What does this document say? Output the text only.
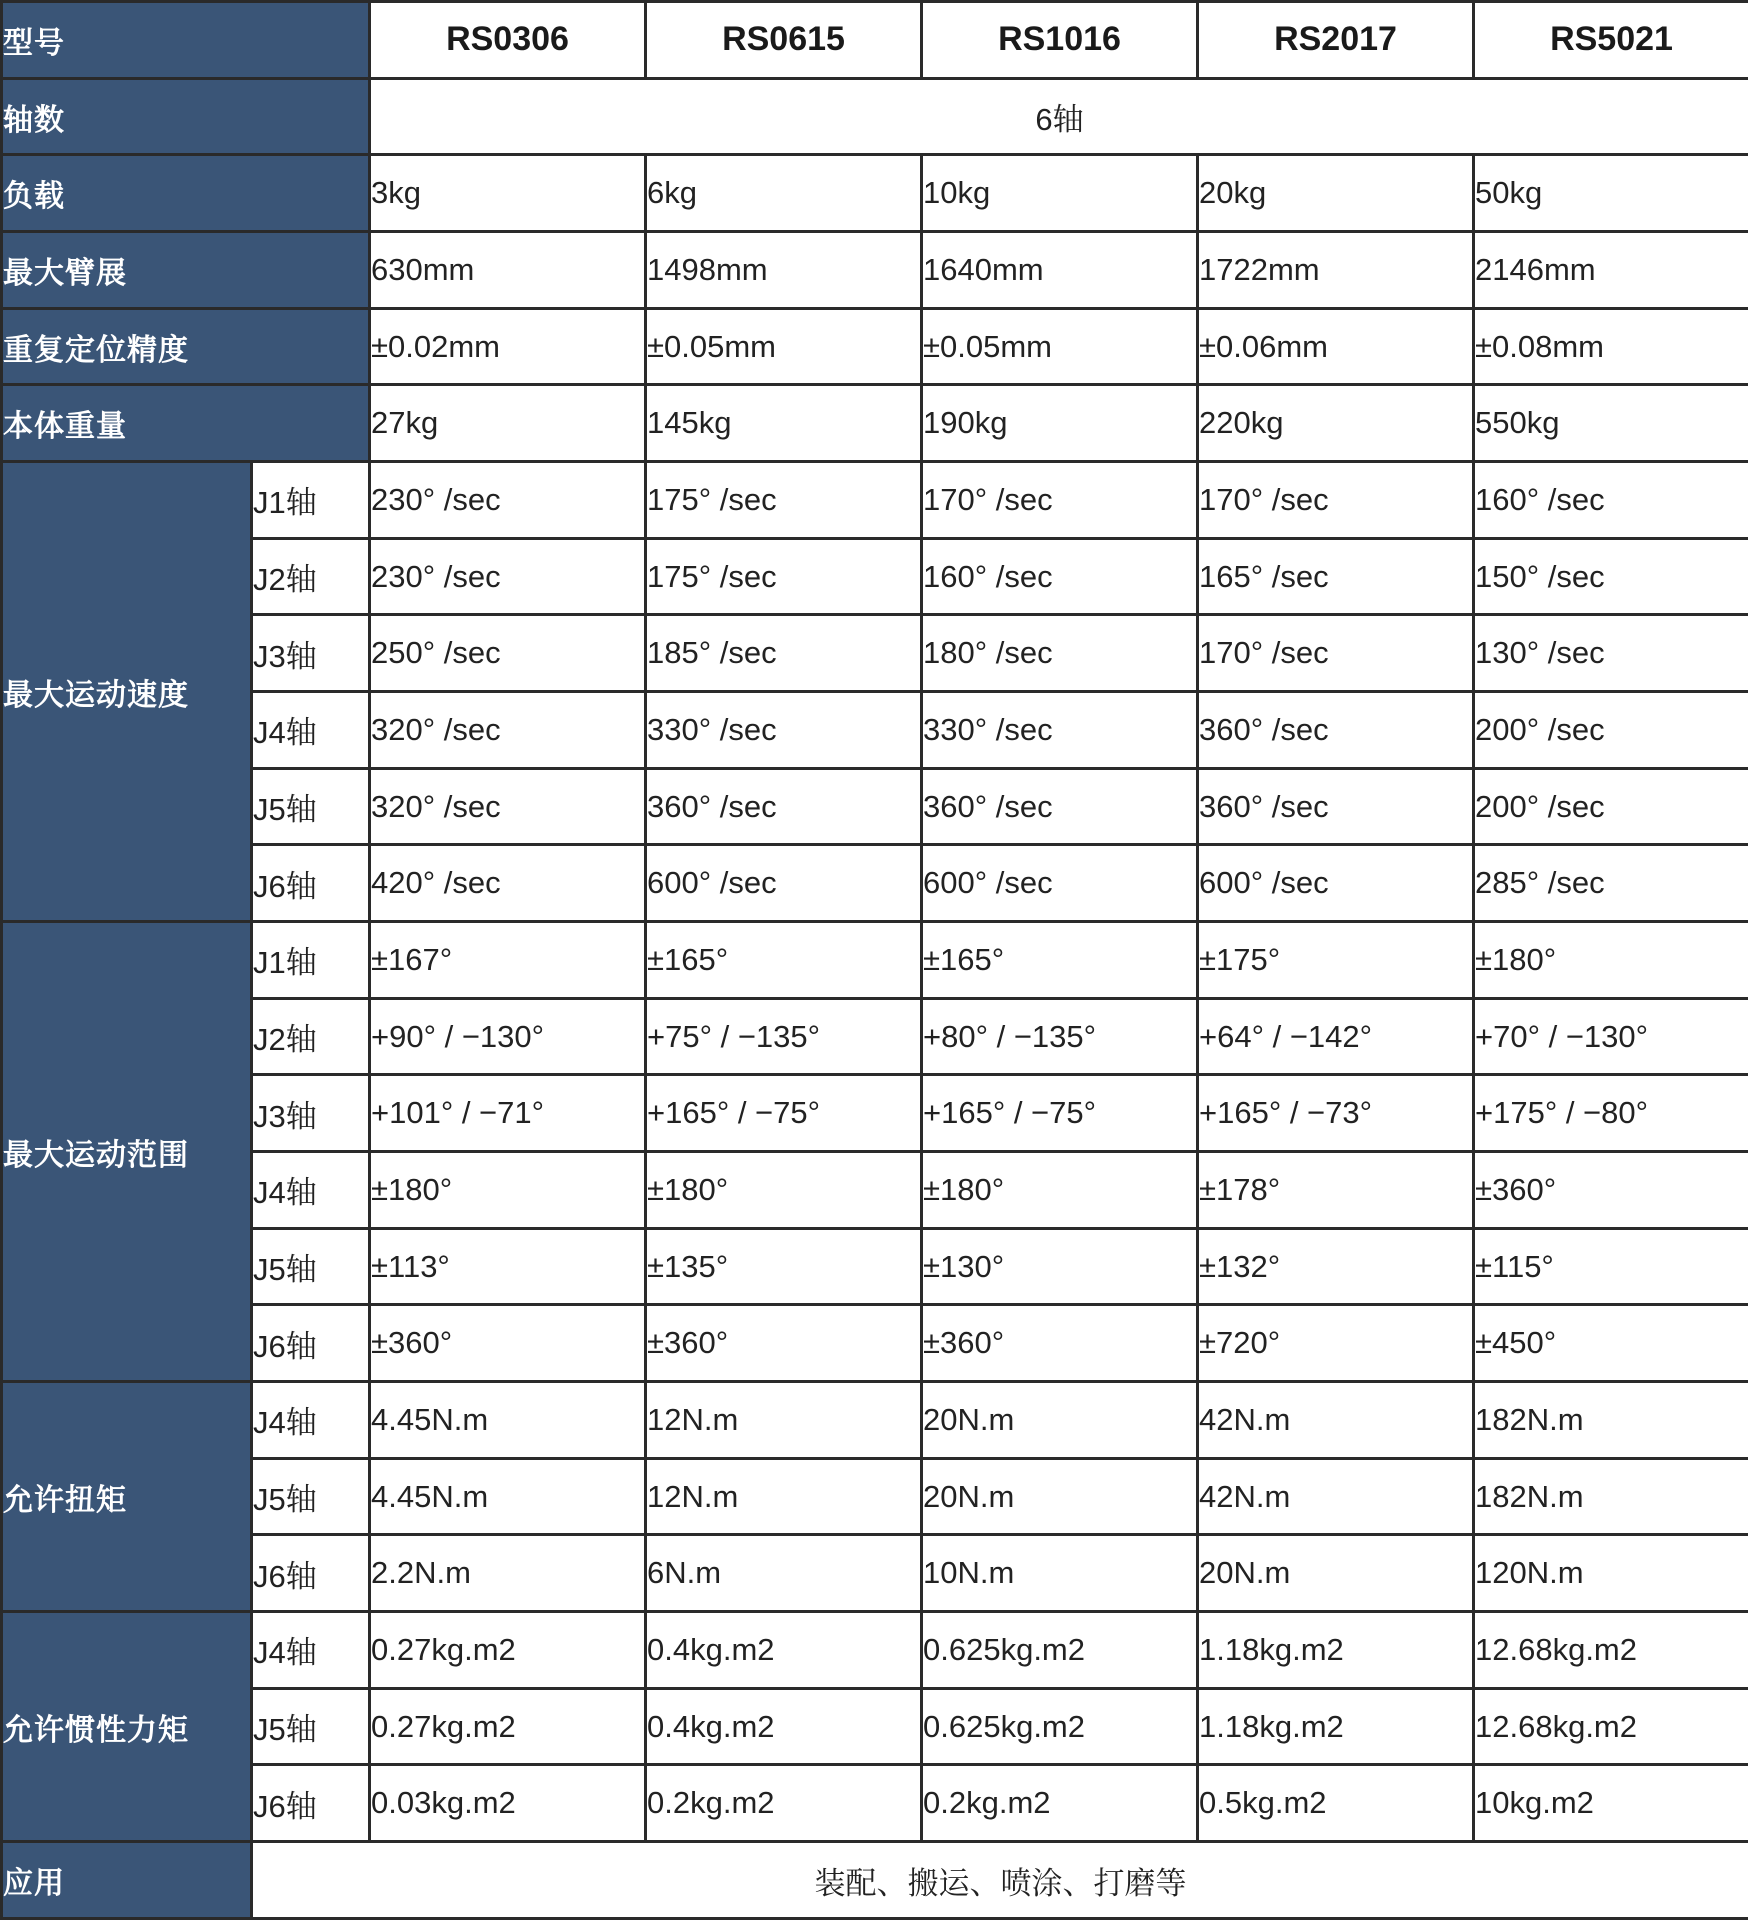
型号		RS0306	RS0615	RS1016	RS2017	RS5021
轴数		6轴				
负载		3kg	6kg	10kg	20kg	50kg
最大臂展		630mm	1498mm	1640mm	1722mm	2146mm
重复定位精度		±0.02mm	±0.05mm	±0.05mm	±0.06mm	±0.08mm
本体重量		27kg	145kg	190kg	220kg	550kg
最大运动速度	J1轴	230° /sec	175° /sec	170° /sec	170° /sec	160° /sec
	J2轴	230° /sec	175° /sec	160° /sec	165° /sec	150° /sec
	J3轴	250° /sec	185° /sec	180° /sec	170° /sec	130° /sec
	J4轴	320° /sec	330° /sec	330° /sec	360° /sec	200° /sec
	J5轴	320° /sec	360° /sec	360° /sec	360° /sec	200° /sec
	J6轴	420° /sec	600° /sec	600° /sec	600° /sec	285° /sec
最大运动范围	J1轴	±167°	±165°	±165°	±175°	±180°
	J2轴	+90° / −130°	+75° / −135°	+80° / −135°	+64° / −142°	+70° / −130°
	J3轴	+101° / −71°	+165° / −75°	+165° / −75°	+165° / −73°	+175° / −80°
	J4轴	±180°	±180°	±180°	±178°	±360°
	J5轴	±113°	±135°	±130°	±132°	±115°
	J6轴	±360°	±360°	±360°	±720°	±450°
允许扭矩	J4轴	4.45N.m	12N.m	20N.m	42N.m	182N.m
	J5轴	4.45N.m	12N.m	20N.m	42N.m	182N.m
	J6轴	2.2N.m	6N.m	10N.m	20N.m	120N.m
允许惯性力矩	J4轴	0.27kg.m2	0.4kg.m2	0.625kg.m2	1.18kg.m2	12.68kg.m2
	J5轴	0.27kg.m2	0.4kg.m2	0.625kg.m2	1.18kg.m2	12.68kg.m2
	J6轴	0.03kg.m2	0.2kg.m2	0.2kg.m2	0.5kg.m2	10kg.m2
应用	装配、搬运、喷涂、打磨等					
